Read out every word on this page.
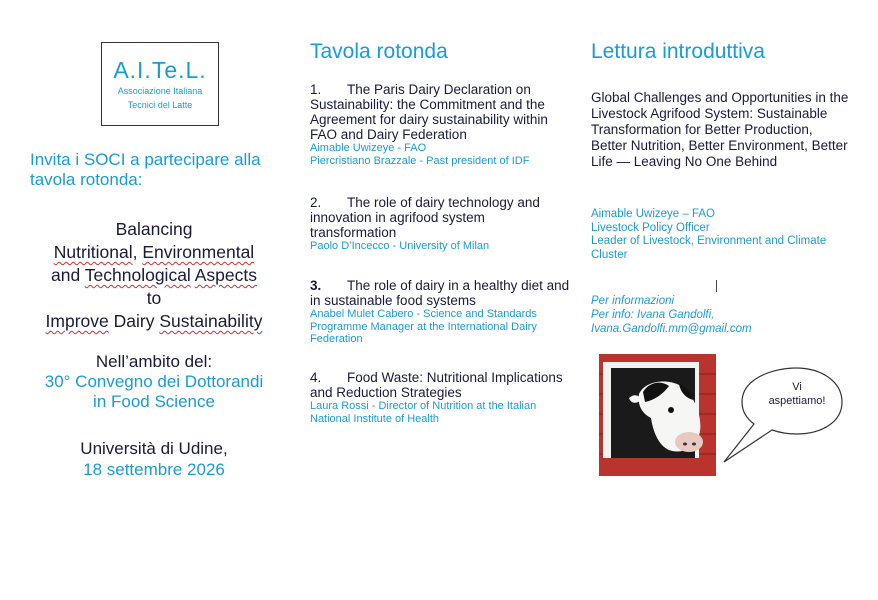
A.I.Te.L.
Associazione Italiana
Tecnici del Latte
Invita i SOCI a partecipare alla tavola rotonda:
Balancing
Nutritional, Environmental
and Technological Aspects
to
Improve Dairy Sustainability
Nell’ambito del:
30° Convegno dei Dottorandi
in Food Science
Università di Udine,
18 settembre 2026
Tavola rotonda
1. The Paris Dairy Declaration on Sustainability: the Commitment and the Agreement for dairy sustainability within FAO and Dairy Federation
Aimable Uwizeye - FAO
Piercristiano Brazzale - Past president of IDF
2. The role of dairy technology and innovation in agrifood system transformation
Paolo D’Incecco - University of Milan
3. The role of dairy in a healthy diet and in sustainable food systems
Anabel Mulet Cabero - Science and Standards Programme Manager at the International Dairy Federation
4. Food Waste: Nutritional Implications and Reduction Strategies
Laura Rossi - Director of Nutrition at the Italian National Institute of Health
Lettura introduttiva
Global Challenges and Opportunities in the Livestock Agrifood System: Sustainable Transformation for Better Production, Better Nutrition, Better Environment, Better Life — Leaving No One Behind
Aimable Uwizeye – FAO
Livestock Policy Officer
Leader of Livestock, Environment and Climate Cluster
Per informazioni
Per info: Ivana Gandolfi,
Ivana.Gandolfi.mm@gmail.com
Vi
aspettiamo!
